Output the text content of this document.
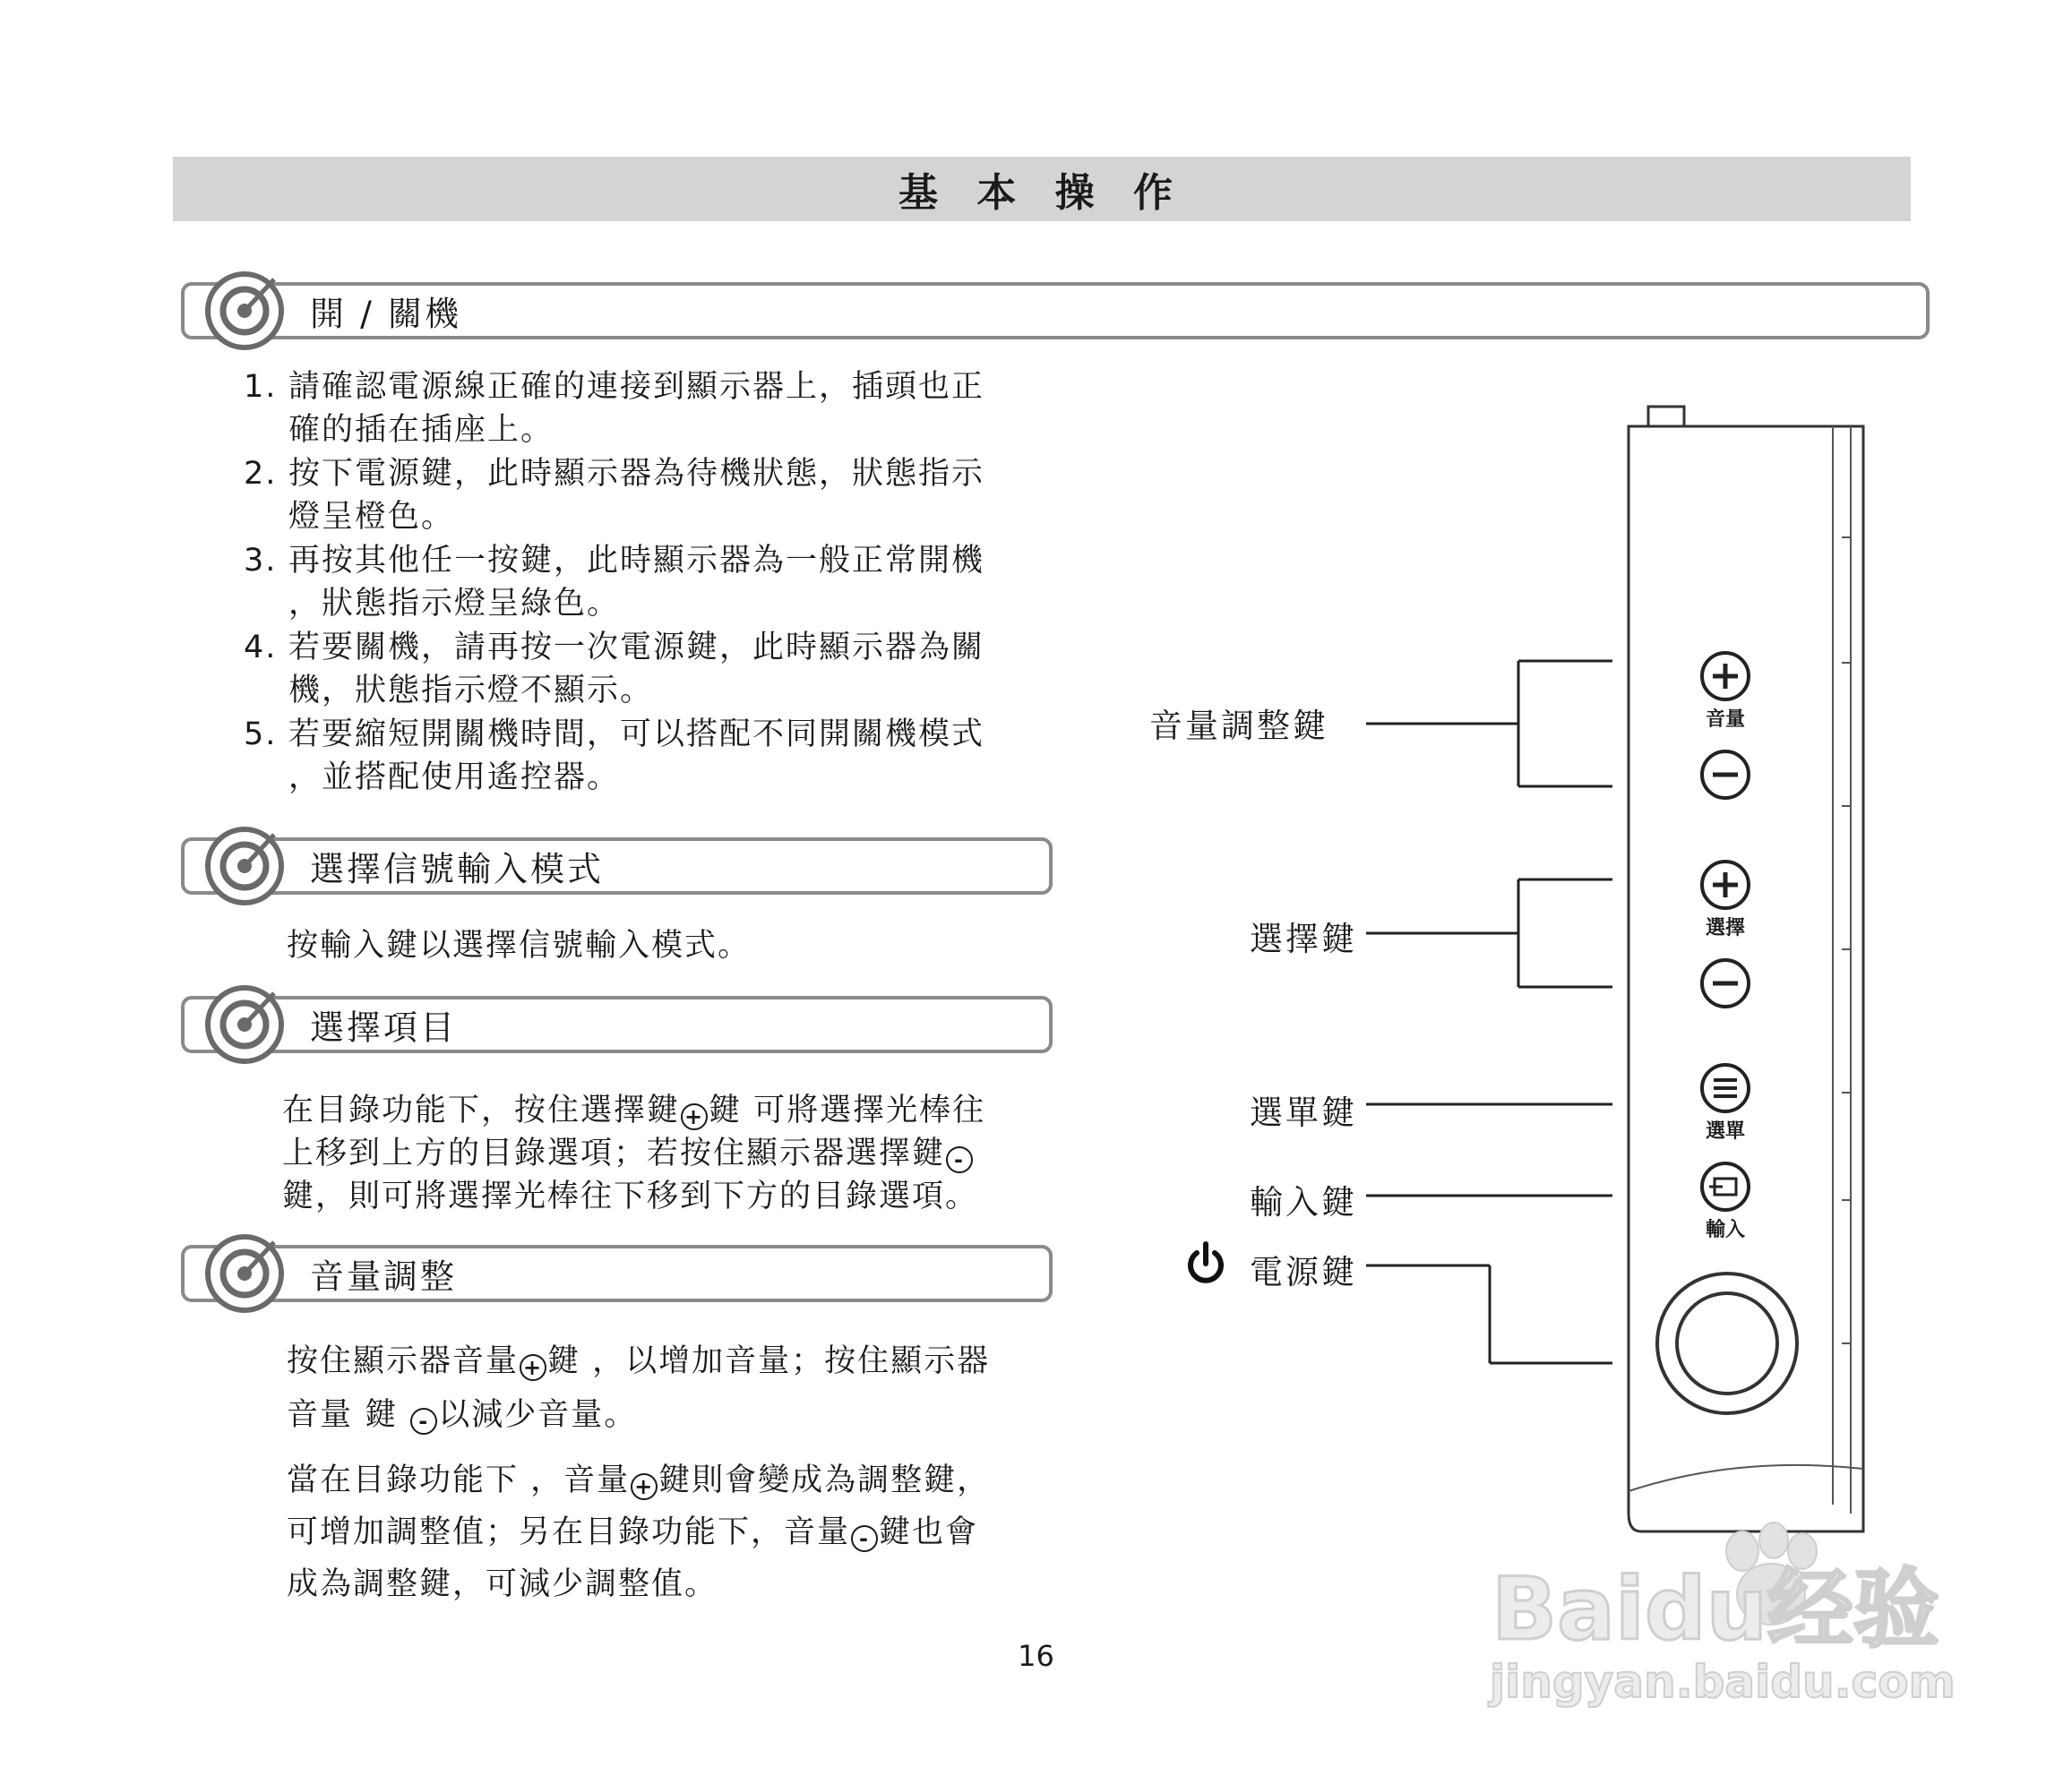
基 本 操 作
開 / 關機
1. 請確認電源線正確的連接到顯示器上，插頭也正
確的插在插座上。
2. 按下電源鍵，此時顯示器為待機狀態，狀態指示
燈呈橙色。
3. 再按其他任一按鍵，此時顯示器為一般正常開機
，狀態指示燈呈綠色。
4. 若要關機，請再按一次電源鍵，此時顯示器為關
機，狀態指示燈不顯示。
5. 若要縮短開關機時間，可以搭配不同開關機模式
，並搭配使用遙控器。
選擇信號輸入模式
按輸入鍵以選擇信號輸入模式。
選擇項目
在目錄功能下，按住選擇鍵 + 鍵 可將選擇光棒往
上移到上方的目錄選項；若按住顯示器選擇鍵 -
鍵，則可將選擇光棒往下移到下方的目錄選項。
音量調整
按住顯示器音量 + 鍵 ，以增加音量；按住顯示器
音量 鍵 - 以減少音量。
當在目錄功能下 ，音量 + 鍵則會變成為調整鍵，
可增加調整值；另在目錄功能下，音量 - 鍵也會
成為調整鍵，可減少調整值。
音量
選擇
選單
輸入
音量調整鍵
選擇鍵
選單鍵
輸入鍵
電源鍵
16	Baidu经验
jingyan.baidu.com
